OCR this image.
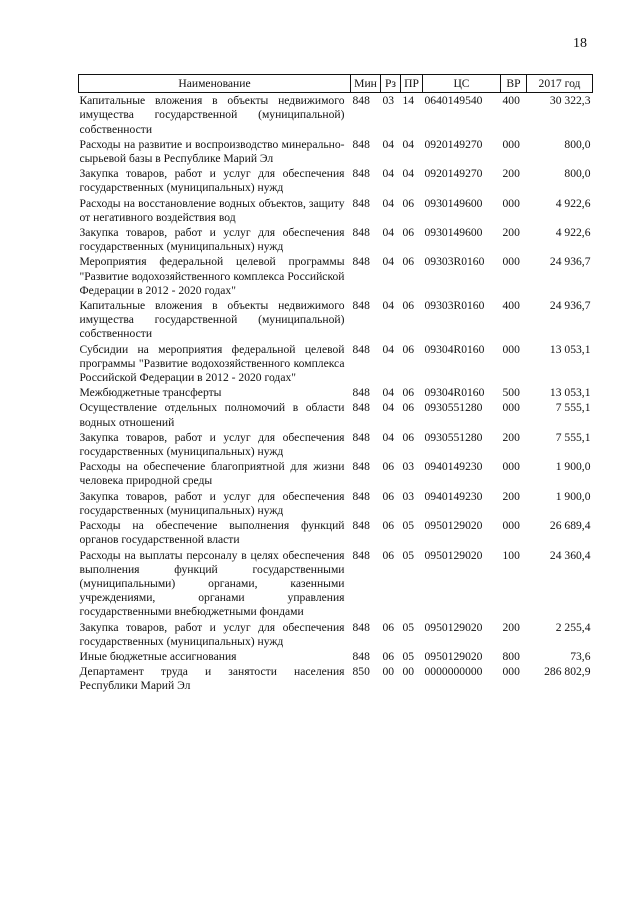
18
Наименование	Мин	Рз	ПР	ЦС	ВР	2017 год
Капитальные вложения в объекты недвижимого имущества государственной (муниципальной) собственности	848	03	14	0640149540	400	30 322,3
Расходы на развитие и воспроизводство минерально-сырьевой базы в Республике Марий Эл	848	04	04	0920149270	000	800,0
Закупка товаров, работ и услуг для обеспечения государственных (муниципальных) нужд	848	04	04	0920149270	200	800,0
Расходы на восстановление водных объектов, защиту от негативного воздействия вод	848	04	06	0930149600	000	4 922,6
Закупка товаров, работ и услуг для обеспечения государственных (муниципальных) нужд	848	04	06	0930149600	200	4 922,6
Мероприятия федеральной целевой программы "Развитие водохозяйственного комплекса Российской Федерации в 2012 - 2020 годах"	848	04	06	09303R0160	000	24 936,7
Капитальные вложения в объекты недвижимого имущества государственной (муниципальной) собственности	848	04	06	09303R0160	400	24 936,7
Субсидии на мероприятия федеральной целевой программы "Развитие водохозяйственного комплекса Российской Федерации в 2012 - 2020 годах"	848	04	06	09304R0160	000	13 053,1
Межбюджетные трансферты	848	04	06	09304R0160	500	13 053,1
Осуществление отдельных полномочий в области водных отношений	848	04	06	0930551280	000	7 555,1
Закупка товаров, работ и услуг для обеспечения государственных (муниципальных) нужд	848	04	06	0930551280	200	7 555,1
Расходы на обеспечение благоприятной для жизни человека природной среды	848	06	03	0940149230	000	1 900,0
Закупка товаров, работ и услуг для обеспечения государственных (муниципальных) нужд	848	06	03	0940149230	200	1 900,0
Расходы на обеспечение выполнения функций органов государственной власти	848	06	05	0950129020	000	26 689,4
Расходы на выплаты персоналу в целях обеспечения выполнения функций государственными (муниципальными) органами, казенными учреждениями, органами управления государственными внебюджетными фондами	848	06	05	0950129020	100	24 360,4
Закупка товаров, работ и услуг для обеспечения государственных (муниципальных) нужд	848	06	05	0950129020	200	2 255,4
Иные бюджетные ассигнования	848	06	05	0950129020	800	73,6
Департамент труда и занятости населения Республики Марий Эл	850	00	00	0000000000	000	286 802,9
